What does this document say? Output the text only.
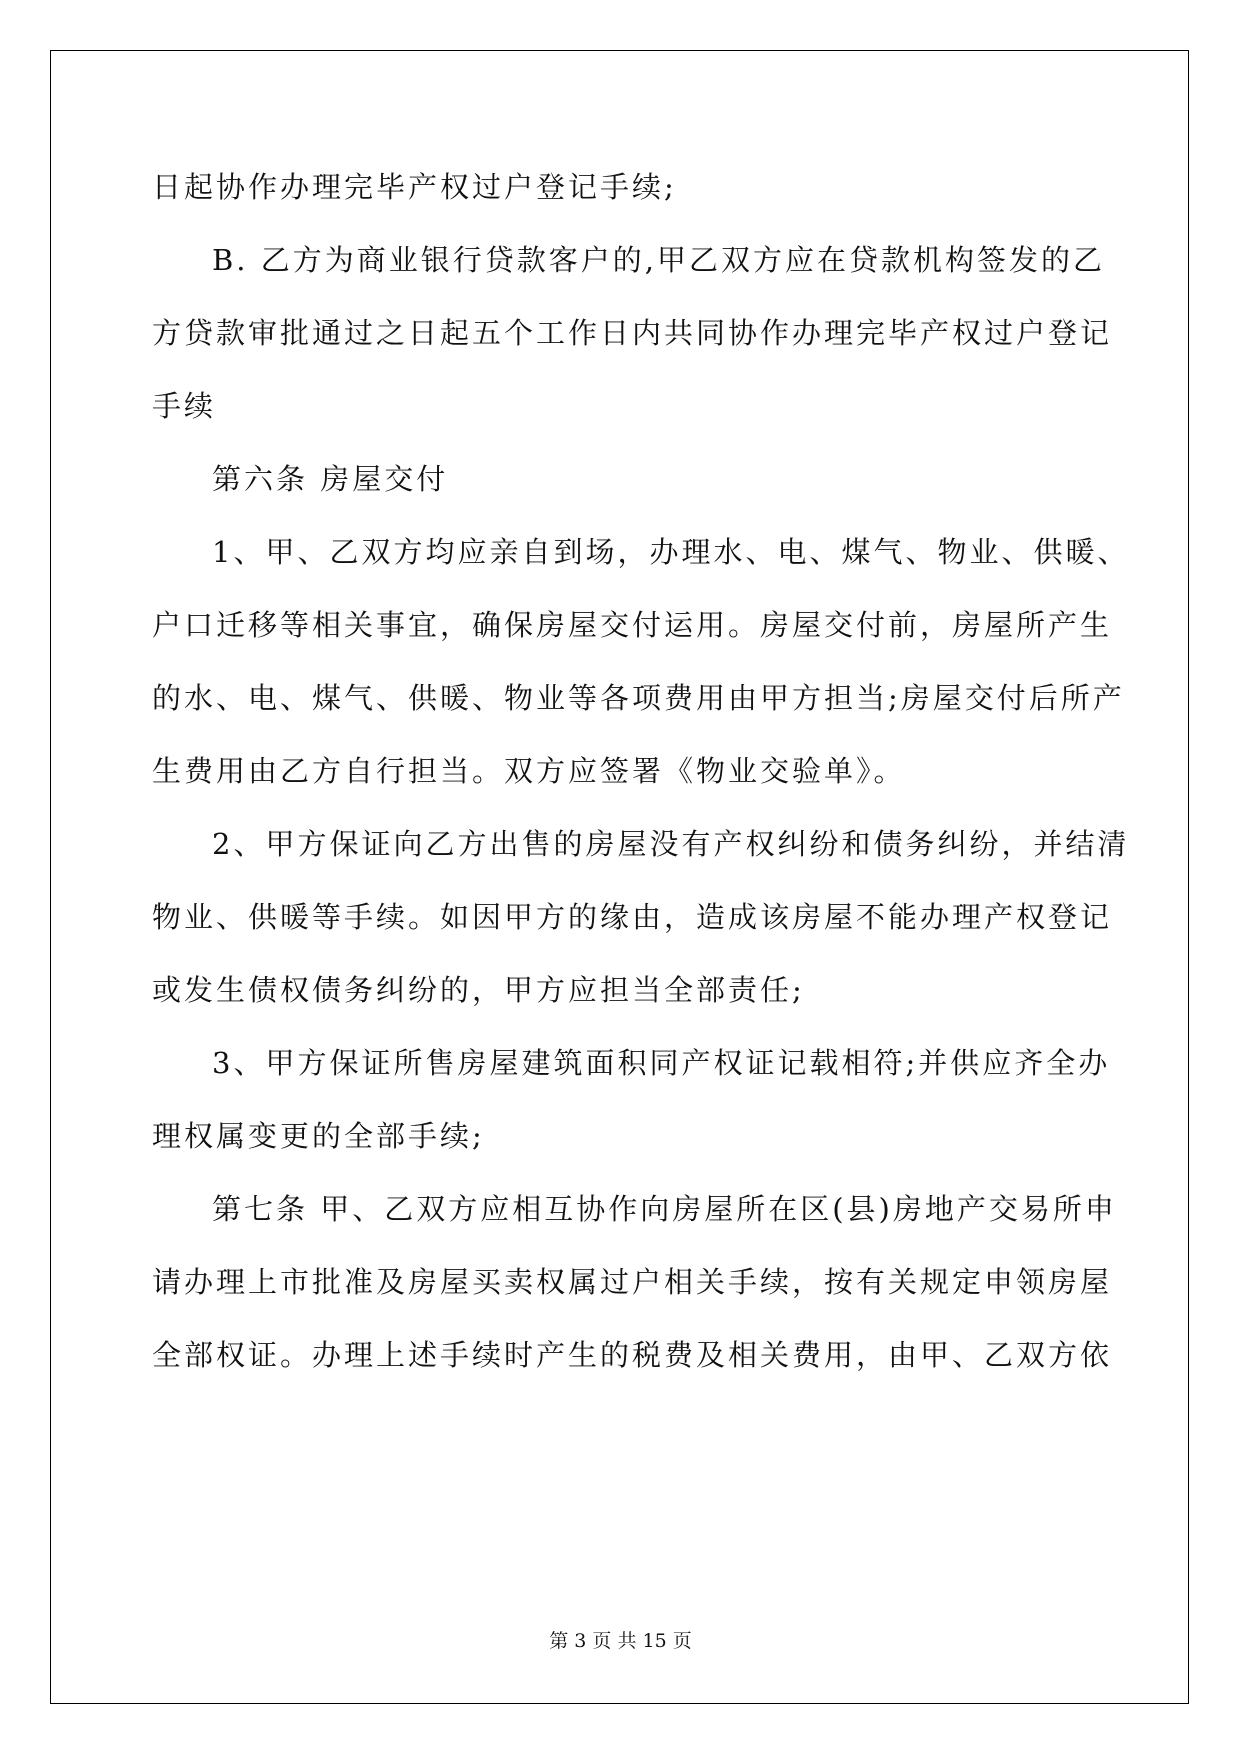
日起协作办理完毕产权过户登记手续;
B. 乙方为商业银行贷款客户的,甲乙双方应在贷款机构签发的乙
方贷款审批通过之日起五个工作日内共同协作办理完毕产权过户登记
手续
第六条 房屋交付
1、甲、乙双方均应亲自到场，办理水、电、煤气、物业、供暖、
户口迁移等相关事宜，确保房屋交付运用。房屋交付前，房屋所产生
的水、电、煤气、供暖、物业等各项费用由甲方担当;房屋交付后所产
生费用由乙方自行担当。双方应签署《物业交验单》。
2、甲方保证向乙方出售的房屋没有产权纠纷和债务纠纷，并结清
物业、供暖等手续。如因甲方的缘由，造成该房屋不能办理产权登记
或发生债权债务纠纷的，甲方应担当全部责任;
3、甲方保证所售房屋建筑面积同产权证记载相符;并供应齐全办
理权属变更的全部手续;
第七条 甲、乙双方应相互协作向房屋所在区(县)房地产交易所申
请办理上市批准及房屋买卖权属过户相关手续，按有关规定申领房屋
全部权证。办理上述手续时产生的税费及相关费用，由甲、乙双方依
第 3 页 共 15 页
